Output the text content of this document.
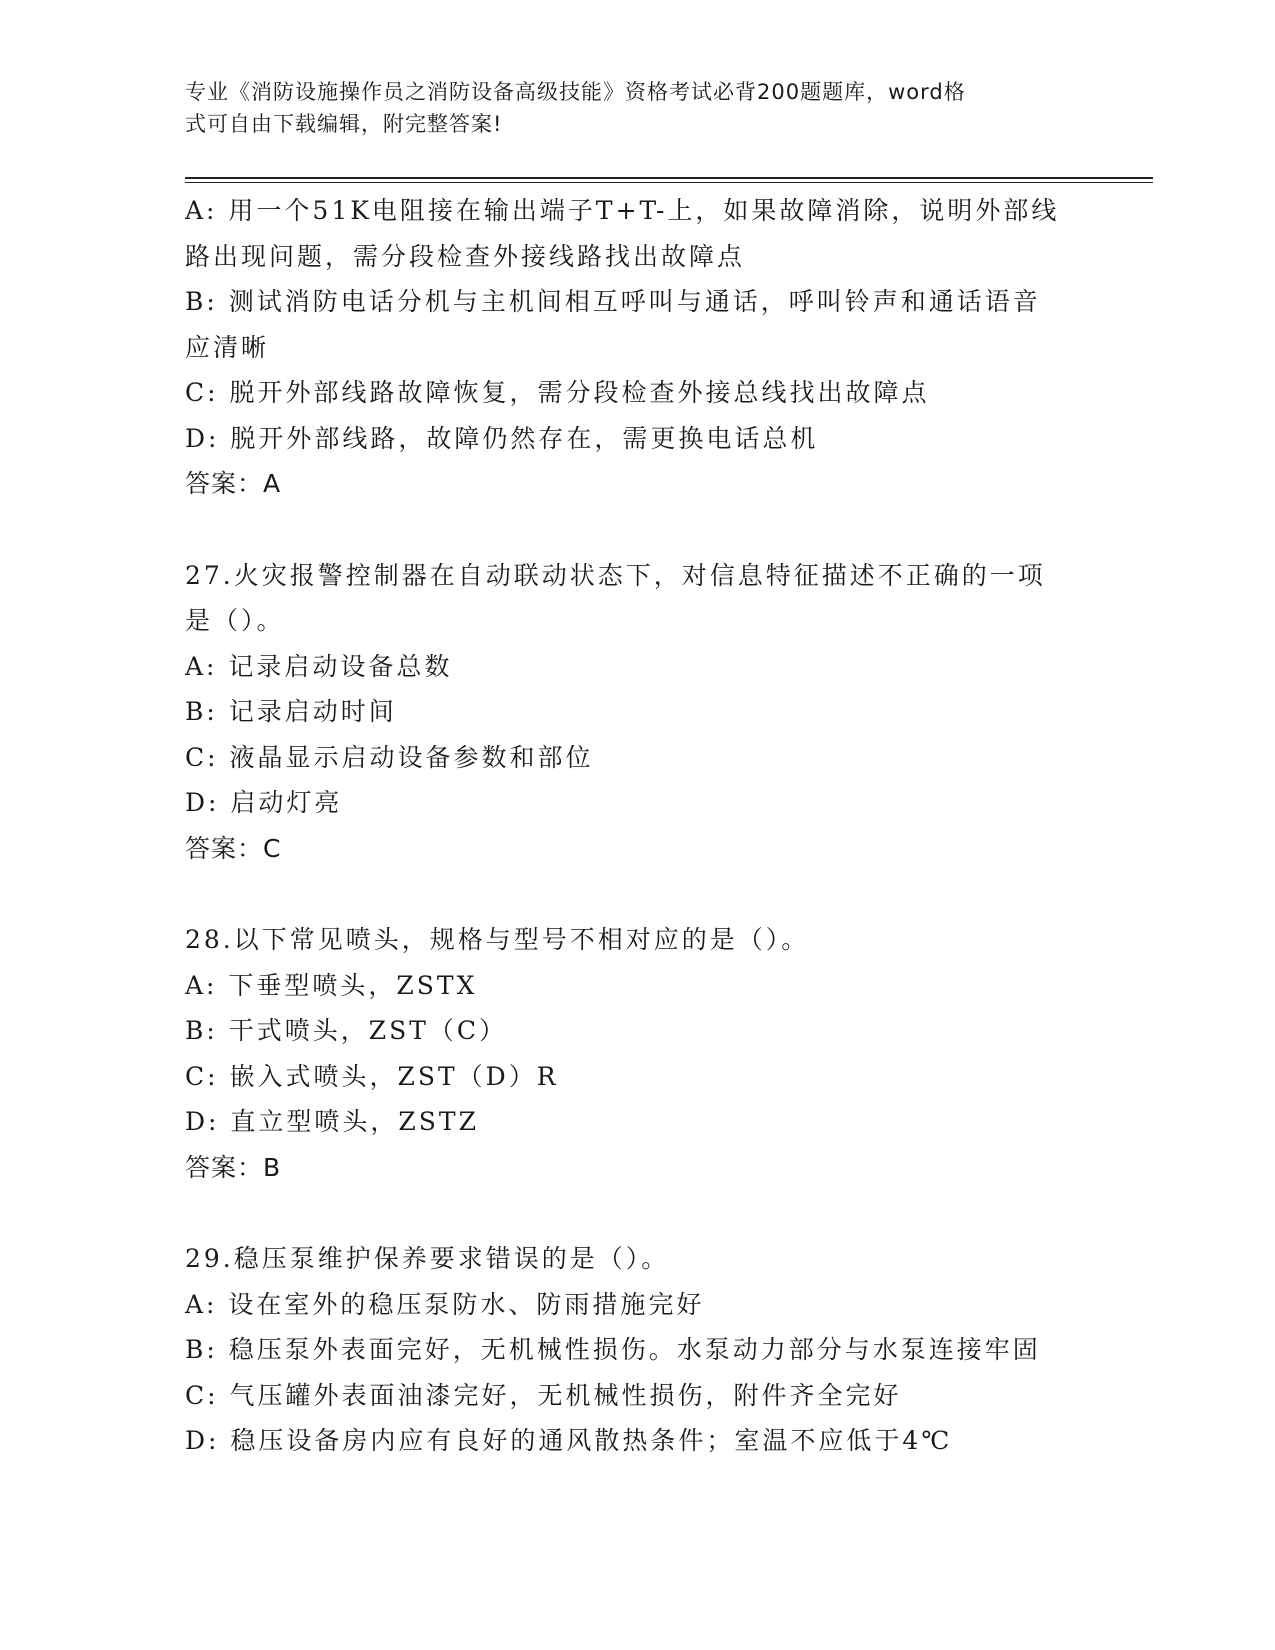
专业《消防设施操作员之消防设备高级技能》资格考试必背200题题库，word格
式可自由下载编辑，附完整答案!
A: 用一个51K电阻接在输出端子T+T-上，如果故障消除，说明外部线
路出现问题，需分段检查外接线路找出故障点
B: 测试消防电话分机与主机间相互呼叫与通话，呼叫铃声和通话语音
应清晰
C: 脱开外部线路故障恢复，需分段检查外接总线找出故障点
D: 脱开外部线路，故障仍然存在，需更换电话总机
答案：A
27.火灾报警控制器在自动联动状态下，对信息特征描述不正确的一项
是（）。
A: 记录启动设备总数
B: 记录启动时间
C: 液晶显示启动设备参数和部位
D: 启动灯亮
答案：C
28.以下常见喷头，规格与型号不相对应的是（）。
A: 下垂型喷头，ZSTX
B: 干式喷头，ZST（C）
C: 嵌入式喷头，ZST（D）R
D: 直立型喷头，ZSTZ
答案：B
29.稳压泵维护保养要求错误的是（）。
A: 设在室外的稳压泵防水、防雨措施完好
B: 稳压泵外表面完好，无机械性损伤。水泵动力部分与水泵连接牢固
C: 气压罐外表面油漆完好，无机械性损伤，附件齐全完好
D: 稳压设备房内应有良好的通风散热条件；室温不应低于4℃
